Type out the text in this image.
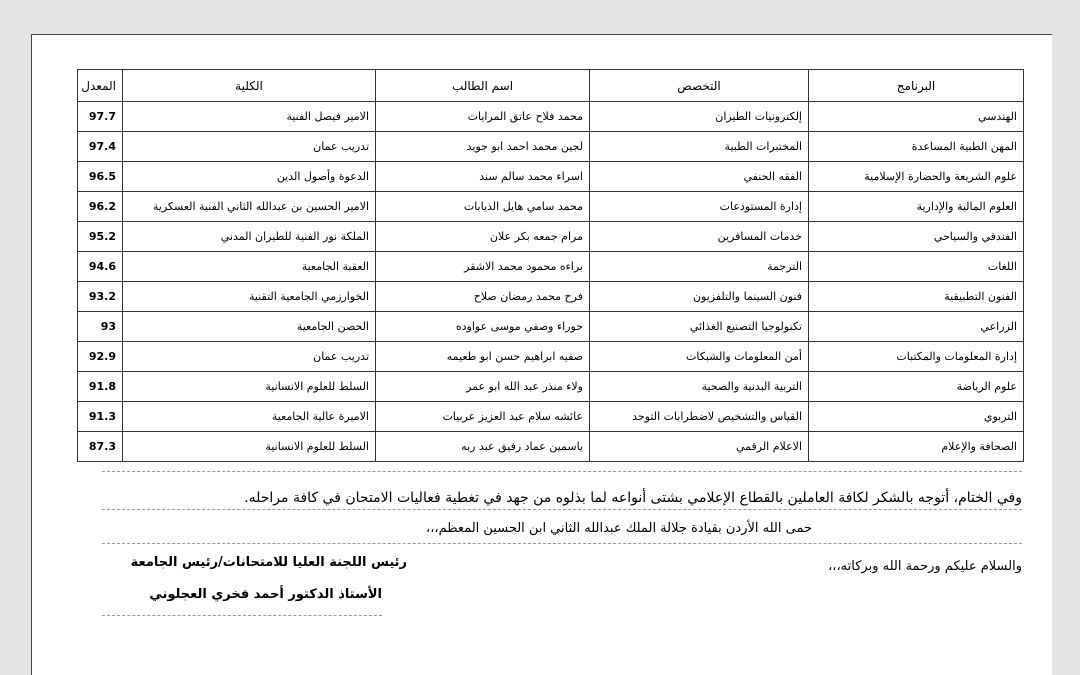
البرنامج	التخصص	اسم الطالب	الكلية	المعدل
الهندسي	إلكترونيات الطيران	محمد فلاح عاتق المرايات	الامير فيصل الفنية	97.7
المهن الطبية المساعدة	المختبرات الطبية	لجين محمد احمد ابو جويد	تدريب عمان	97.4
علوم الشريعة والحضارة الإسلامية	الفقه الحنفي	اسراء محمد سالم سند	الدعوة وأصول الدين	96.5
العلوم المالية والإدارية	إدارة المستودعات	محمد سامي هايل الذيابات	الامير الحسين بن عبدالله الثاني الفنية العسكرية	96.2
الفندقي والسياحي	خدمات المسافرين	مرام جمعه بكر علان	الملكة نور الفنية للطيران المدني	95.2
اللغات	الترجمة	براءه محمود محمد الاشقر	العقبة الجامعية	94.6
الفنون التطبيقية	فنون السينما والتلفزيون	فرح محمد رمضان صلاح	الخوارزمي الجامعية التقنية	93.2
الزراعي	تكنولوجيا التصنيع الغذائي	حوراء وصفي موسى عواوده	الحصن الجامعية	93
إدارة المعلومات والمكتبات	أمن المعلومات والشبكات	صفيه ابراهيم حسن ابو طعيمه	تدريب عمان	92.9
علوم الرياضة	التربية البدنية والصحية	ولاء منذر عبد الله ابو عمر	السلط للعلوم الانسانية	91.8
التربوي	القياس والتشخيص لاضطرابات التوحد	عائشه سلام عبد العزيز عربيات	الاميرة عالية الجامعية	91.3
الصحافة والإعلام	الاعلام الرقمي	ياسمين عماد رفيق عبد ربه	السلط للعلوم الانسانية	87.3
وفي الختام، أتوجه بالشكر لكافة العاملين بالقطاع الإعلامي بشتى أنواعه لما بذلوه من جهد في تغطية فعاليات الامتحان في كافة مراحله.
حمى الله الأردن بقيادة جلالة الملك عبدالله الثاني ابن الحسين المعظم،،،
والسلام عليكم ورحمة الله وبركاته،،،
رئيس اللجنة العليا للامتحانات/رئيس الجامعة
الأستاذ الدكتور أحمد فخري العجلوني
